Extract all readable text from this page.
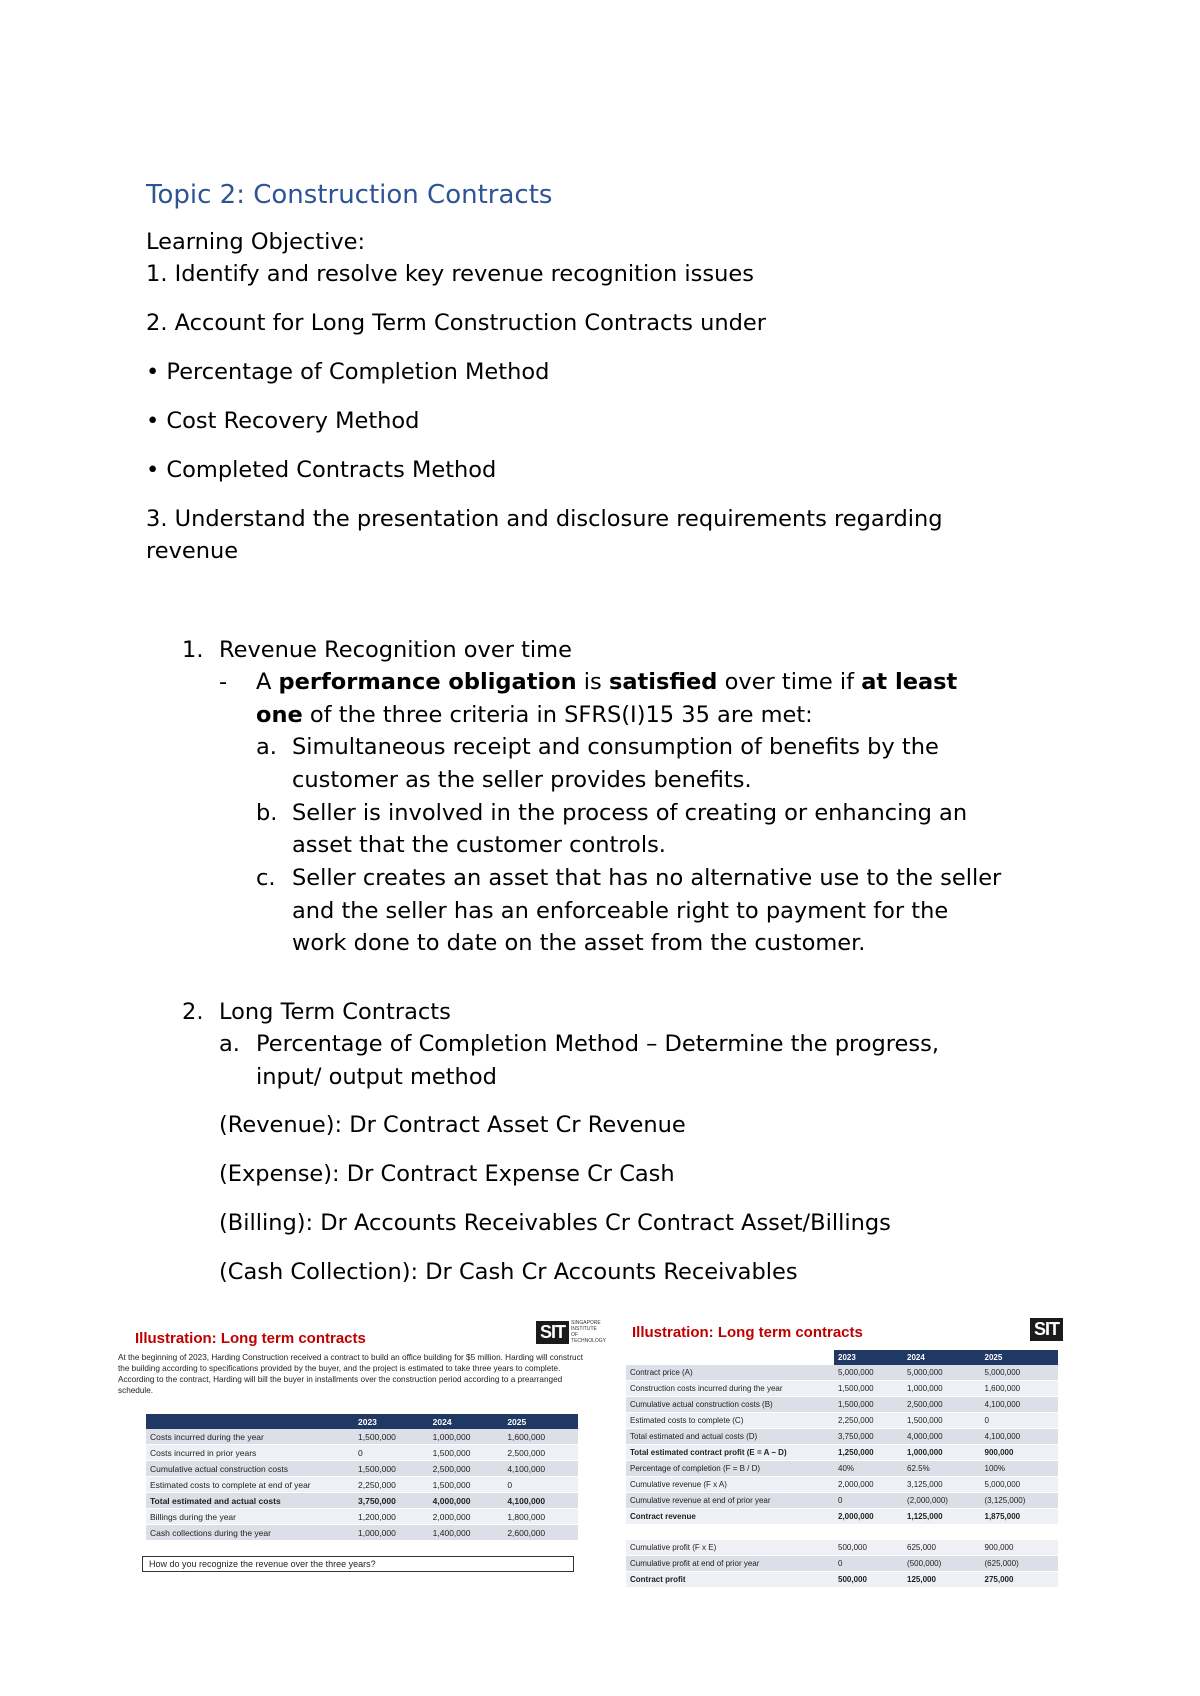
Topic 2: Construction Contracts
Learning Objective:
1. Identify and resolve key revenue recognition issues
2. Account for Long Term Construction Contracts under
• Percentage of Completion Method
• Cost Recovery Method
• Completed Contracts Method
3. Understand the presentation and disclosure requirements regarding revenue
1. Revenue Recognition over time
- A performance obligation is satisfied over time if at least
one of the three criteria in SFRS(I)15 35 are met:
a. Simultaneous receipt and consumption of benefits by the
customer as the seller provides benefits.
b. Seller is involved in the process of creating or enhancing an
asset that the customer controls.
c. Seller creates an asset that has no alternative use to the seller
and the seller has an enforceable right to payment for the
work done to date on the asset from the customer.
2. Long Term Contracts
a. Percentage of Completion Method – Determine the progress,
input/ output method
(Revenue): Dr Contract Asset Cr Revenue
(Expense): Dr Contract Expense Cr Cash
(Billing): Dr Accounts Receivables Cr Contract Asset/Billings
(Cash Collection): Dr Cash Cr Accounts Receivables
Illustration: Long term contracts	SIT	SINGAPORE INSTITUTE OF TECHNOLOGY
At the beginning of 2023, Harding Construction received a contract to build an office building for $5 million. Harding will construct the building according to specifications provided by the buyer, and the project is estimated to take three years to complete. According to the contract, Harding will bill the buyer in installments over the construction period according to a prearranged schedule.
	2023	2024	2025
Costs incurred during the year	1,500,000	1,000,000	1,600,000
Costs incurred in prior years	0	1,500,000	2,500,000
Cumulative actual construction costs	1,500,000	2,500,000	4,100,000
Estimated costs to complete at end of year	2,250,000	1,500,000	0
Total estimated and actual costs	3,750,000	4,000,000	4,100,000
Billings during the year	1,200,000	2,000,000	1,800,000
Cash collections during the year	1,000,000	1,400,000	2,600,000
How do you recognize the revenue over the three years?
Illustration: Long term contracts	SIT
	2023	2024	2025
Contract price (A)	5,000,000	5,000,000	5,000,000
Construction costs incurred during the year	1,500,000	1,000,000	1,600,000
Cumulative actual construction costs (B)	1,500,000	2,500,000	4,100,000
Estimated costs to complete (C)	2,250,000	1,500,000	0
Total estimated and actual costs (D)	3,750,000	4,000,000	4,100,000
Total estimated contract profit (E = A − D)	1,250,000	1,000,000	900,000
Percentage of completion (F = B / D)	40%	62.5%	100%
Cumulative revenue (F x A)	2,000,000	3,125,000	5,000,000
Cumulative revenue at end of prior year	0	(2,000,000)	(3,125,000)
Contract revenue	2,000,000	1,125,000	1,875,000

Cumulative profit (F x E)	500,000	625,000	900,000
Cumulative profit at end of prior year	0	(500,000)	(625,000)
Contract profit	500,000	125,000	275,000
